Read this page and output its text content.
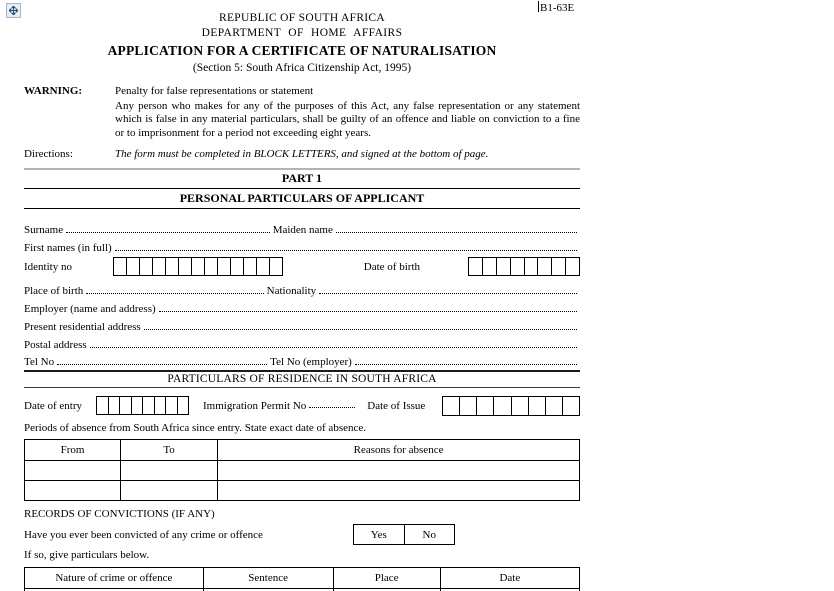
B1-63E
REPUBLIC OF SOUTH AFRICA
DEPARTMENT OF HOME AFFAIRS
APPLICATION FOR A CERTIFICATE OF NATURALISATION
(Section 5: South Africa Citizenship Act, 1995)
WARNING:	Penalty for false representations or statement
Any person who makes for any of the purposes of this Act, any false representation or any statement which is false in any material particulars, shall be guilty of an offence and liable on conviction to a fine or to imprisonment for a period not exceeding eight years.
Directions:	The form must be completed in BLOCK LETTERS, and signed at the bottom of page.
PART 1
PERSONAL PARTICULARS OF APPLICANT
Surname	Maiden name
First names (in full)
Identity no	Date of birth
Place of birth	Nationality
Employer (name and address)
Present residential address
Postal address
Tel No	Tel No (employer)
PARTICULARS OF RESIDENCE IN SOUTH AFRICA
Date of entry	Immigration Permit No	Date of Issue
Periods of absence from South Africa since entry. State exact date of absence.
From	To	Reasons for absence

RECORDS OF CONVICTIONS (IF ANY)
Have you ever been convicted of any crime or offence	Yes	No
If so, give particulars below.
Nature of crime or offence	Sentence	Place	Date
